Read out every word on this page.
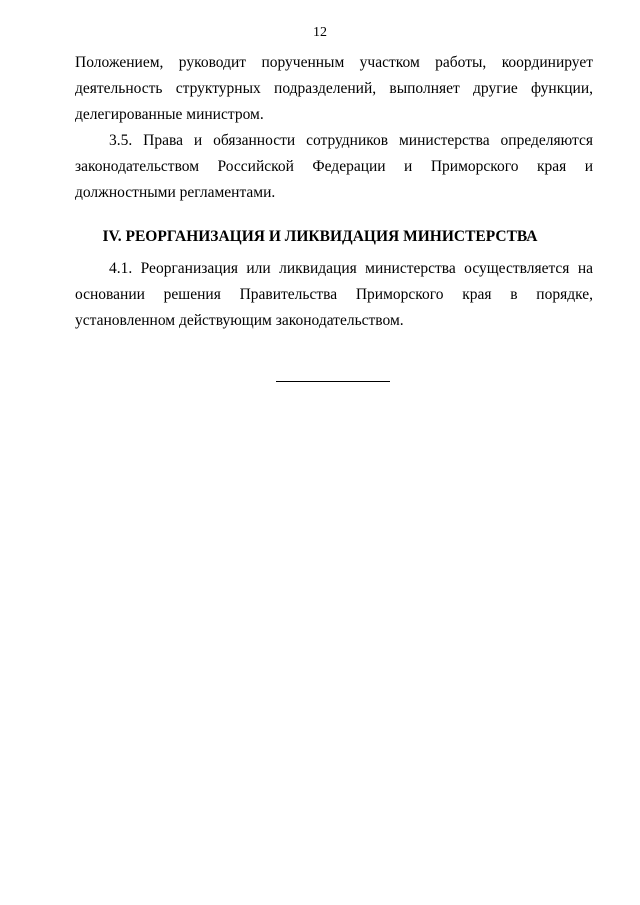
12
Положением, руководит порученным участком работы, координирует
деятельность структурных подразделений, выполняет другие функции,
делегированные министром.
3.5. Права и обязанности сотрудников министерства определяются
законодательством Российской Федерации и Приморского края и
должностными регламентами.
IV. РЕОРГАНИЗАЦИЯ И ЛИКВИДАЦИЯ МИНИСТЕРСТВА
4.1. Реорганизация или ликвидация министерства осуществляется на
основании решения Правительства Приморского края в порядке,
установленном действующим законодательством.
